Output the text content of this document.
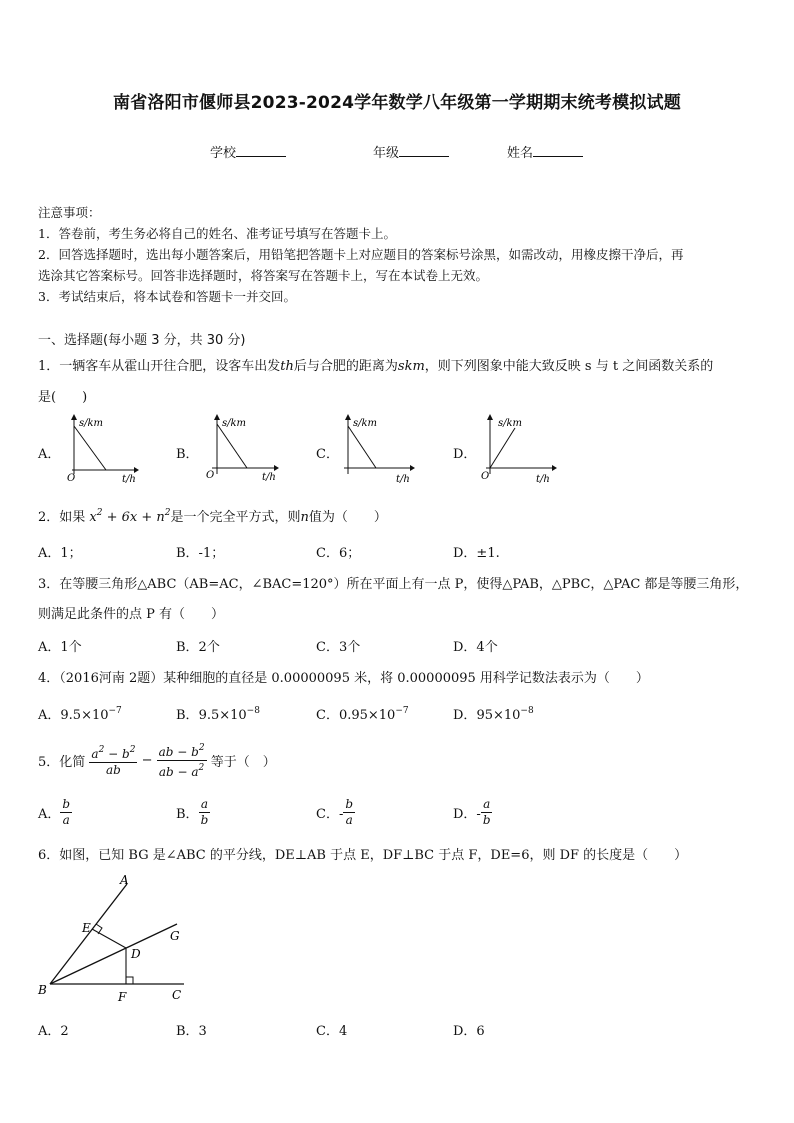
南省洛阳市偃师县2023-2024学年数学八年级第一学期期末统考模拟试题
学校	年级	姓名
注意事项：
1．答卷前，考生务必将自己的姓名、准考证号填写在答题卡上。
2．回答选择题时，选出每小题答案后，用铅笔把答题卡上对应题目的答案标号涂黑，如需改动，用橡皮擦干净后，再
选涂其它答案标号。回答非选择题时，将答案写在答题卡上，写在本试卷上无效。
3．考试结束后，将本试卷和答题卡一并交回。
一、选择题(每小题 3 分，共 30 分)
1．一辆客车从霍山开往合肥，设客车出发th后与合肥的距离为skm，则下列图象中能大致反映 s 与 t 之间函数关系的
是(　　)
A．	B．	C．	D．
s/km
O	t/h
s/km
O	t/h
s/km
t/h
s/km
O	t/h
2．如果 $x^2 + 6x + n^2$是一个完全平方式，则n值为（　　）
A．1；	B．-1；	C．6；	D．±1.
3．在等腰三角形△ABC（AB=AC，∠BAC=120°）所在平面上有一点 P，使得△PAB，△PBC，△PAC 都是等腰三角形，
则满足此条件的点 P 有（　　）
A．1个	B．2个	C．3个	D．4个
4．（2016河南 2题）某种细胞的直径是 0.00000095 米，将 0.00000095 用科学记数法表示为（　　）
A．$9.5\times 10^{-7}$	B．$9.5\times 10^{-8}$	C．$0.95\times 10^{-7}$	D．$95\times 10^{-8}$
5．化简 $\frac{a^2 - b^2}{ab} - \frac{ab - b^2}{ab - a^2}$ 等于（　）
A． $\frac{b}{a}$	B． $\frac{a}{b}$	C．- $\frac{b}{a}$	D．- $\frac{a}{b}$
6．如图，已知 BG 是∠ABC 的平分线，DE⊥AB 于点 E，DF⊥BC 于点 F，DE=6，则 DF 的长度是（　　）
A
E
G
D
B	F	C
A．2	B．3	C．4	D．6
